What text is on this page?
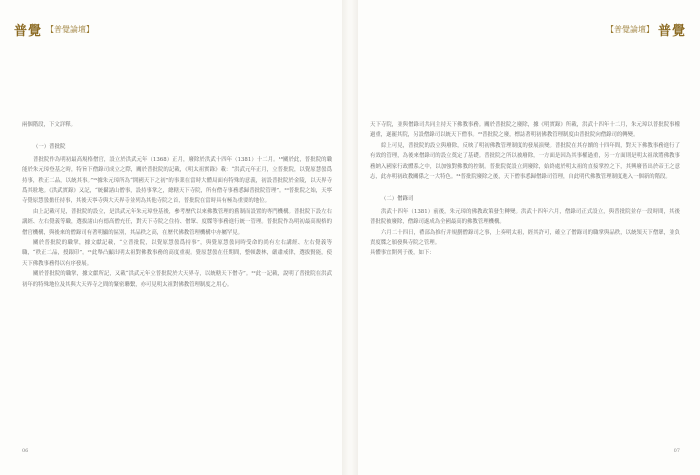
普覺 【普覺論壇】

兩個階段，下文詳釋。

（一）普批院

普批院作為明初最高規格僧官，設立於洪武元年（1368）正月，廢除於洪武十四年（1381）十二月。¹⁸關於此，普批院的職能於朱元璋登基之時，特旨下僧錄司成立之際，關於普批院的記載，《明太祖實錄》載：“洪武元年正月，立普批院，以覺原慧曇爲持事，秩正二品，以統其事。”¹⁹據朱元璋所為“開國天下之初”的事業在當時大體局面有特殊的意義，初設普批院於金陵，以天界寺爲其駐地。《洪武實錄》又記，“統攝諸山僧事，設持事掌之，總轄天下寺院，所有僧寺事務悉歸普批院管理”。²⁰普批院之始，天寧寺覺原慧曇擔任持事，其後天寧寺與大天界寺並列為其他寺院之首，普批院在當時具有極為重要的地位。

由上記載可見，普批院的設立，是洪武元年朱元璋登基後，參考歷代以來佛教管理的舊制而設置的專門機構。普批院下設左右講經、左右覺義等職，選拔諸山有德高僧充任，對天下寺院之住持、僧眾、度牒等事務進行統一管理。普批院作為明初最高規格的僧官機構，與後來的僧錄司有著明顯的區別，其品秩之高，在歷代佛教管理機構中亦屬罕見。

關於普批院的職掌，據文獻記載，“立普批院，以覺原慧曇爲持事”，與覺原慧曇同時受命的尚有左右講經、左右覺義等職，“秩正二品，授銀印”。²¹此舉凸顯出明太祖對佛教事務的高度重視。覺原慧曇在任期間，整頓叢林，嚴肅戒律，選拔賢能，使天下佛教事務得以有序發展。

關於普批院的職掌，據文獻所記，又載“洪武元年立普批院於大天界寺，以統轄天下僧寺”。²²此一記載，說明了普批院在洪武初年的特殊地位及其與大天界寺之間的緊密聯繫，亦可見明太祖對佛教管理制度之用心。

06
【普覺論壇】 普覺

天下寺院，並與僧錄司共同主持天下佛教事務。關於普批院之廢除，據《明實錄》所載，洪武十四年十二月，朱元璋以普批院事權過重，遂罷其院，另設僧錄司以統天下僧事。²³普批院之廢，標誌著明初佛教管理制度由普批院向僧錄司的轉變。

綜上可見，普批院的設立與廢除，反映了明初佛教管理制度的發展演變。普批院在其存續的十四年間，對天下佛教事務進行了有效的管理，為後來僧錄司的設立奠定了基礎。普批院之所以被廢除，一方面是因為其事權過重，另一方面則是明太祖欲將佛教事務納入國家行政體系之中，以加強對佛教的控制。普批院從設立到廢除，始終處於明太祖的直接掌控之下，其興廢皆出於帝王之意志，此亦明初政教關係之一大特色。²⁴普批院廢除之後，天下僧事悉歸僧錄司管理，自此明代佛教管理制度進入一個新的階段。

（二）僧錄司

洪武十四年（1381）前後，朱元璋的佛教政策發生轉變。洪武十四年六月，僧錄司正式設立，與普批院並存一段時間，其後普批院被廢除，僧錄司遂成為全國最高的佛教管理機構。

六月二十四日，禮部為推行并規劃僧錄司之事，上奏明太祖，經其許可，確立了僧錄司的職掌與品秩，以統領天下僧眾，並負責度牒之頒發與寺院之管理。

具體事宜開列于後，如下：

07
